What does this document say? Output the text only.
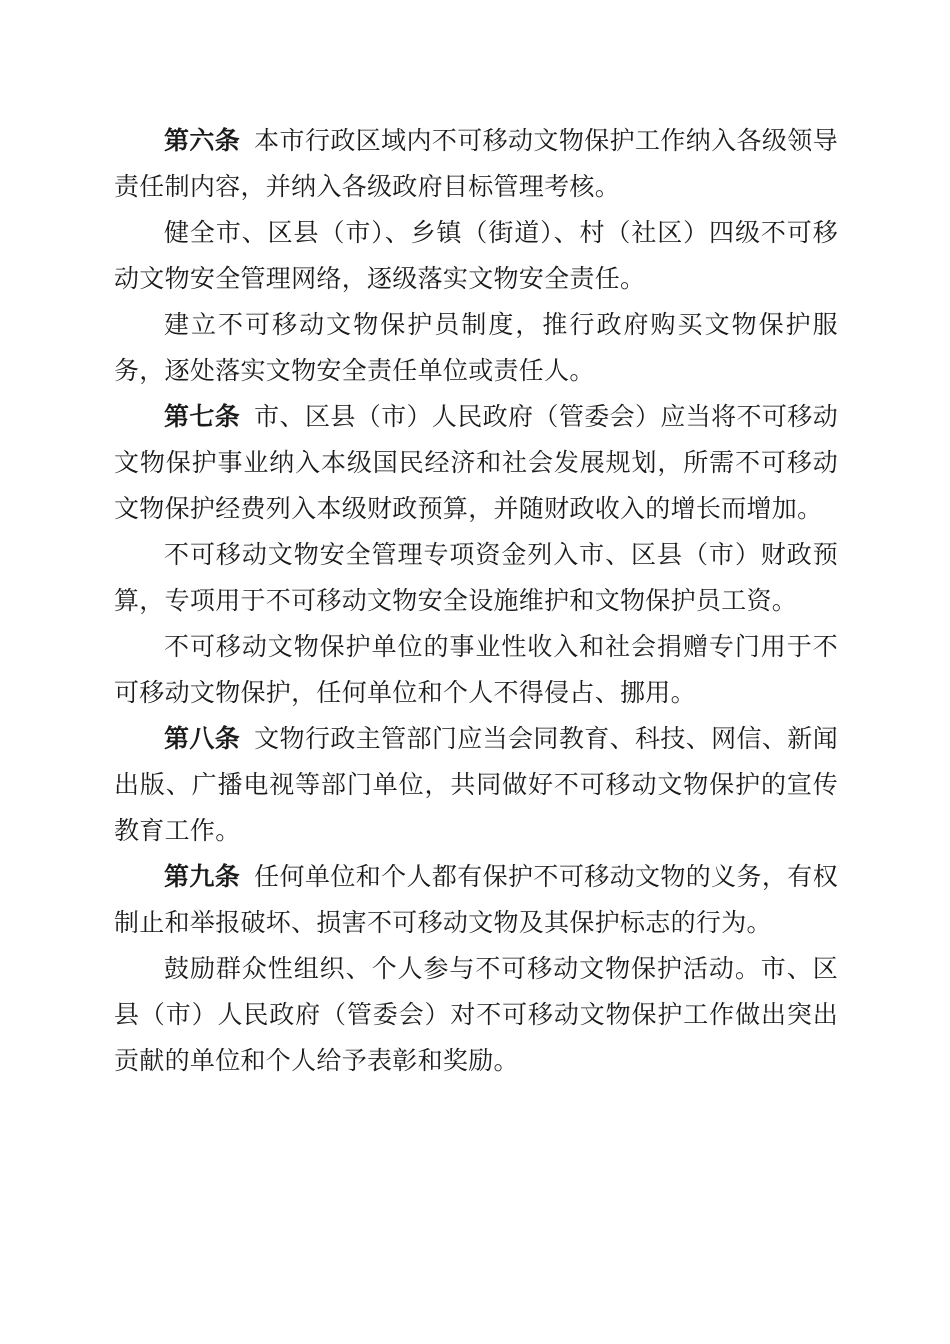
第六条 本市行政区域内不可移动文物保护工作纳入各级领导责任制内容，并纳入各级政府目标管理考核。

健全市、区县（市）、乡镇（街道）、村（社区）四级不可移动文物安全管理网络，逐级落实文物安全责任。

建立不可移动文物保护员制度，推行政府购买文物保护服务，逐处落实文物安全责任单位或责任人。

第七条 市、区县（市）人民政府（管委会）应当将不可移动文物保护事业纳入本级国民经济和社会发展规划，所需不可移动文物保护经费列入本级财政预算，并随财政收入的增长而增加。

不可移动文物安全管理专项资金列入市、区县（市）财政预算，专项用于不可移动文物安全设施维护和文物保护员工资。

不可移动文物保护单位的事业性收入和社会捐赠专门用于不可移动文物保护，任何单位和个人不得侵占、挪用。

第八条 文物行政主管部门应当会同教育、科技、网信、新闻出版、广播电视等部门单位，共同做好不可移动文物保护的宣传教育工作。

第九条 任何单位和个人都有保护不可移动文物的义务，有权制止和举报破坏、损害不可移动文物及其保护标志的行为。

鼓励群众性组织、个人参与不可移动文物保护活动。市、区县（市）人民政府（管委会）对不可移动文物保护工作做出突出贡献的单位和个人给予表彰和奖励。
